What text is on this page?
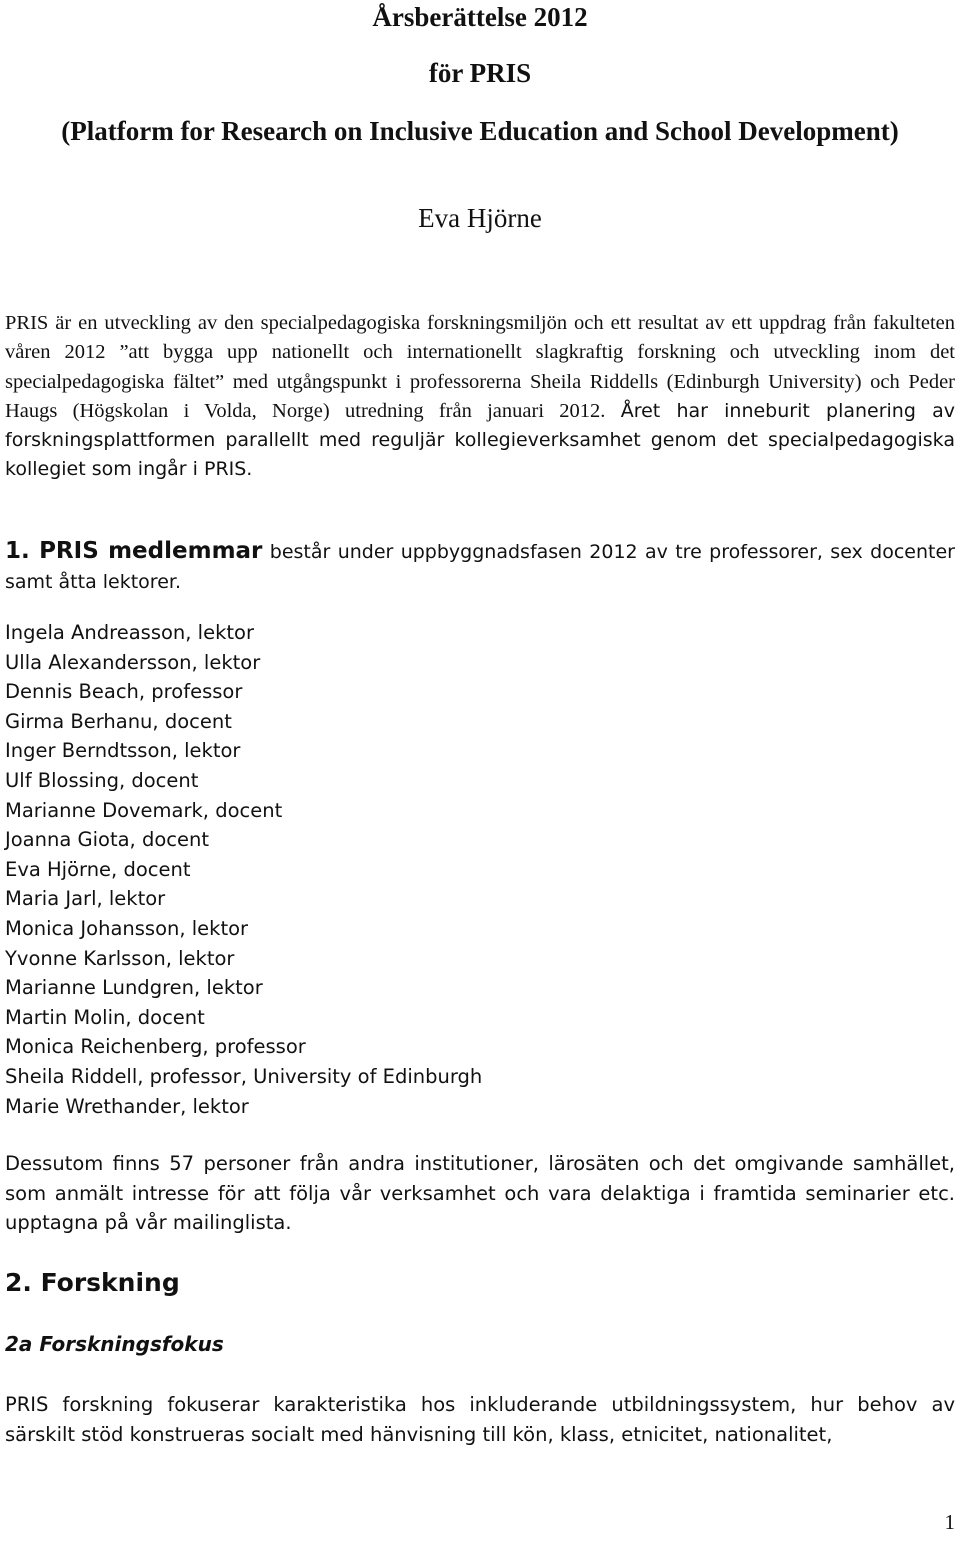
Årsberättelse 2012
för PRIS
(Platform for Research on Inclusive Education and School Development)
Eva Hjörne

PRIS är en utveckling av den specialpedagogiska forskningsmiljön och ett resultat av ett uppdrag från fakulteten våren 2012 ”att bygga upp nationellt och internationellt slagkraftig forskning och utveckling inom det specialpedagogiska fältet” med utgångspunkt i professorerna Sheila Riddells (Edinburgh University) och Peder Haugs (Högskolan i Volda, Norge) utredning från januari 2012. Året har inneburit planering av forskningsplattformen parallellt med reguljär kollegieverksamhet genom det specialpedagogiska kollegiet som ingår i PRIS.

1. PRIS medlemmar består under uppbyggnadsfasen 2012 av tre professorer, sex docenter samt åtta lektorer.

Ingela Andreasson, lektor
Ulla Alexandersson, lektor
Dennis Beach, professor
Girma Berhanu, docent
Inger Berndtsson, lektor
Ulf Blossing, docent
Marianne Dovemark, docent
Joanna Giota, docent
Eva Hjörne, docent
Maria Jarl, lektor
Monica Johansson, lektor
Yvonne Karlsson, lektor
Marianne Lundgren, lektor
Martin Molin, docent
Monica Reichenberg, professor
Sheila Riddell, professor, University of Edinburgh
Marie Wrethander, lektor

Dessutom finns 57 personer från andra institutioner, lärosäten och det omgivande samhället, som anmält intresse för att följa vår verksamhet och vara delaktiga i framtida seminarier etc. upptagna på vår mailinglista.

2. Forskning
2a Forskningsfokus

PRIS forskning fokuserar karakteristika hos inkluderande utbildningssystem, hur behov av särskilt stöd konstrueras socialt med hänvisning till kön, klass, etnicitet, nationalitet,

1
